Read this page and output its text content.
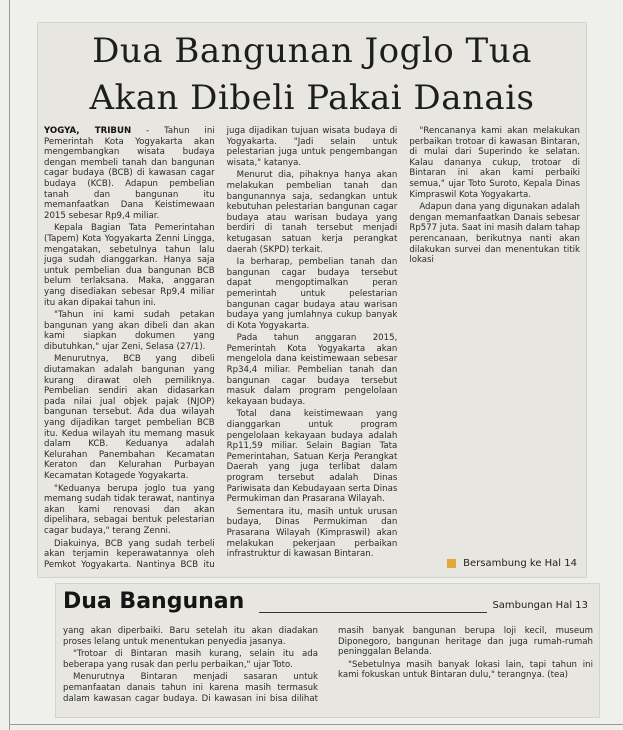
Dua Bangunan Joglo Tua
Akan Dibeli Pakai Danais

YOGYA, TRIBUN - Tahun ini Pemerintah Kota Yogyakarta akan mengembangkan wisata budaya dengan membeli tanah dan bangunan cagar budaya (BCB) di kawasan cagar budaya (KCB). Adapun pembelian tanah dan bangunan itu memanfaatkan Dana Keistimewaan 2015 sebesar Rp9,4 miliar.

Kepala Bagian Tata Pemerintahan (Tapem) Kota Yogyakarta Zenni Lingga, mengatakan, sebetulnya tahun lalu juga sudah dianggarkan. Hanya saja untuk pembelian dua bangunan BCB belum terlaksana. Maka, anggaran yang disediakan sebesar Rp9,4 miliar itu akan dipakai tahun ini.

"Tahun ini kami sudah petakan bangunan yang akan dibeli dan akan kami siapkan dokumen yang dibutuhkan," ujar Zeni, Selasa (27/1).

Menurutnya, BCB yang dibeli diutamakan adalah bangunan yang kurang dirawat oleh pemiliknya. Pembelian sendiri akan didasarkan pada nilai jual objek pajak (NJOP) bangunan tersebut. Ada dua wilayah yang dijadikan target pembelian BCB itu. Kedua wilayah itu memang masuk dalam KCB. Keduanya adalah Kelurahan Panembahan Kecamatan Keraton dan Kelurahan Purbayan Kecamatan Kotagede Yogyakarta.

"Keduanya berupa joglo tua yang memang sudah tidak terawat, nantinya akan kami renovasi dan akan dipelihara, sebagai bentuk pelestarian cagar budaya," terang Zenni.

Diakuinya, BCB yang sudah terbeli akan terjamin keperawatannya oleh Pemkot Yogyakarta. Nantinya BCB itu juga dijadikan tujuan wisata budaya di Yogyakarta. "Jadi selain untuk pelestarian juga untuk pengembangan wisata," katanya.

Menurut dia, pihaknya hanya akan melakukan pembelian tanah dan bangunannya saja, sedangkan untuk kebutuhan pelestarian bangunan cagar budaya atau warisan budaya yang berdiri di tanah tersebut menjadi ketugasan satuan kerja perangkat daerah (SKPD) terkait.

Ia berharap, pembelian tanah dan bangunan cagar budaya tersebut dapat mengoptimalkan peran pemerintah untuk pelestarian bangunan cagar budaya atau warisan budaya yang jumlahnya cukup banyak di Kota Yogyakarta.

Pada tahun anggaran 2015, Pemerintah Kota Yogyakarta akan mengelola dana keistimewaan sebesar Rp34,4 miliar. Pembelian tanah dan bangunan cagar budaya tersebut masuk dalam program pengelolaan kekayaan budaya.

Total dana keistimewaan yang dianggarkan untuk program pengelolaan kekayaan budaya adalah Rp11,59 miliar. Selain Bagian Tata Pemerintahan, Satuan Kerja Perangkat Daerah yang juga terlibat dalam program tersebut adalah Dinas Pariwisata dan Kebudayaan serta Dinas Permukiman dan Prasarana Wilayah.

Sementara itu, masih untuk urusan budaya, Dinas Permukiman dan Prasarana Wilayah (Kimpraswil) akan melakukan pekerjaan perbaikan infrastruktur di kawasan Bintaran.

"Rencananya kami akan melakukan perbaikan trotoar di kawasan Bintaran, di mulai dari Superindo ke selatan. Kalau dananya cukup, trotoar di Bintaran ini akan kami perbaiki semua," ujar Toto Suroto, Kepala Dinas Kimpraswil Kota Yogyakarta.

Adapun dana yang digunakan adalah dengan memanfaatkan Danais sebesar Rp577 juta. Saat ini masih dalam tahap perencanaan, berikutnya nanti akan dilakukan survei dan menentukan titik lokasi

Bersambung ke Hal 14
Dua Bangunan	Sambungan Hal 13

yang akan diperbaiki. Baru setelah itu akan diadakan proses lelang untuk menentukan penyedia jasanya.

"Trotoar di Bintaran masih kurang, selain itu ada beberapa yang rusak dan perlu perbaikan," ujar Toto.

Menurutnya Bintaran menjadi sasaran untuk pemanfaatan danais tahun ini karena masih termasuk dalam kawasan cagar budaya. Di kawasan ini bisa dilihat masih banyak bangunan berupa loji kecil, museum Diponegoro, bangunan heritage dan juga rumah-rumah peninggalan Belanda.

"Sebetulnya masih banyak lokasi lain, tapi tahun ini kami fokuskan untuk Bintaran dulu," terangnya. (tea)
